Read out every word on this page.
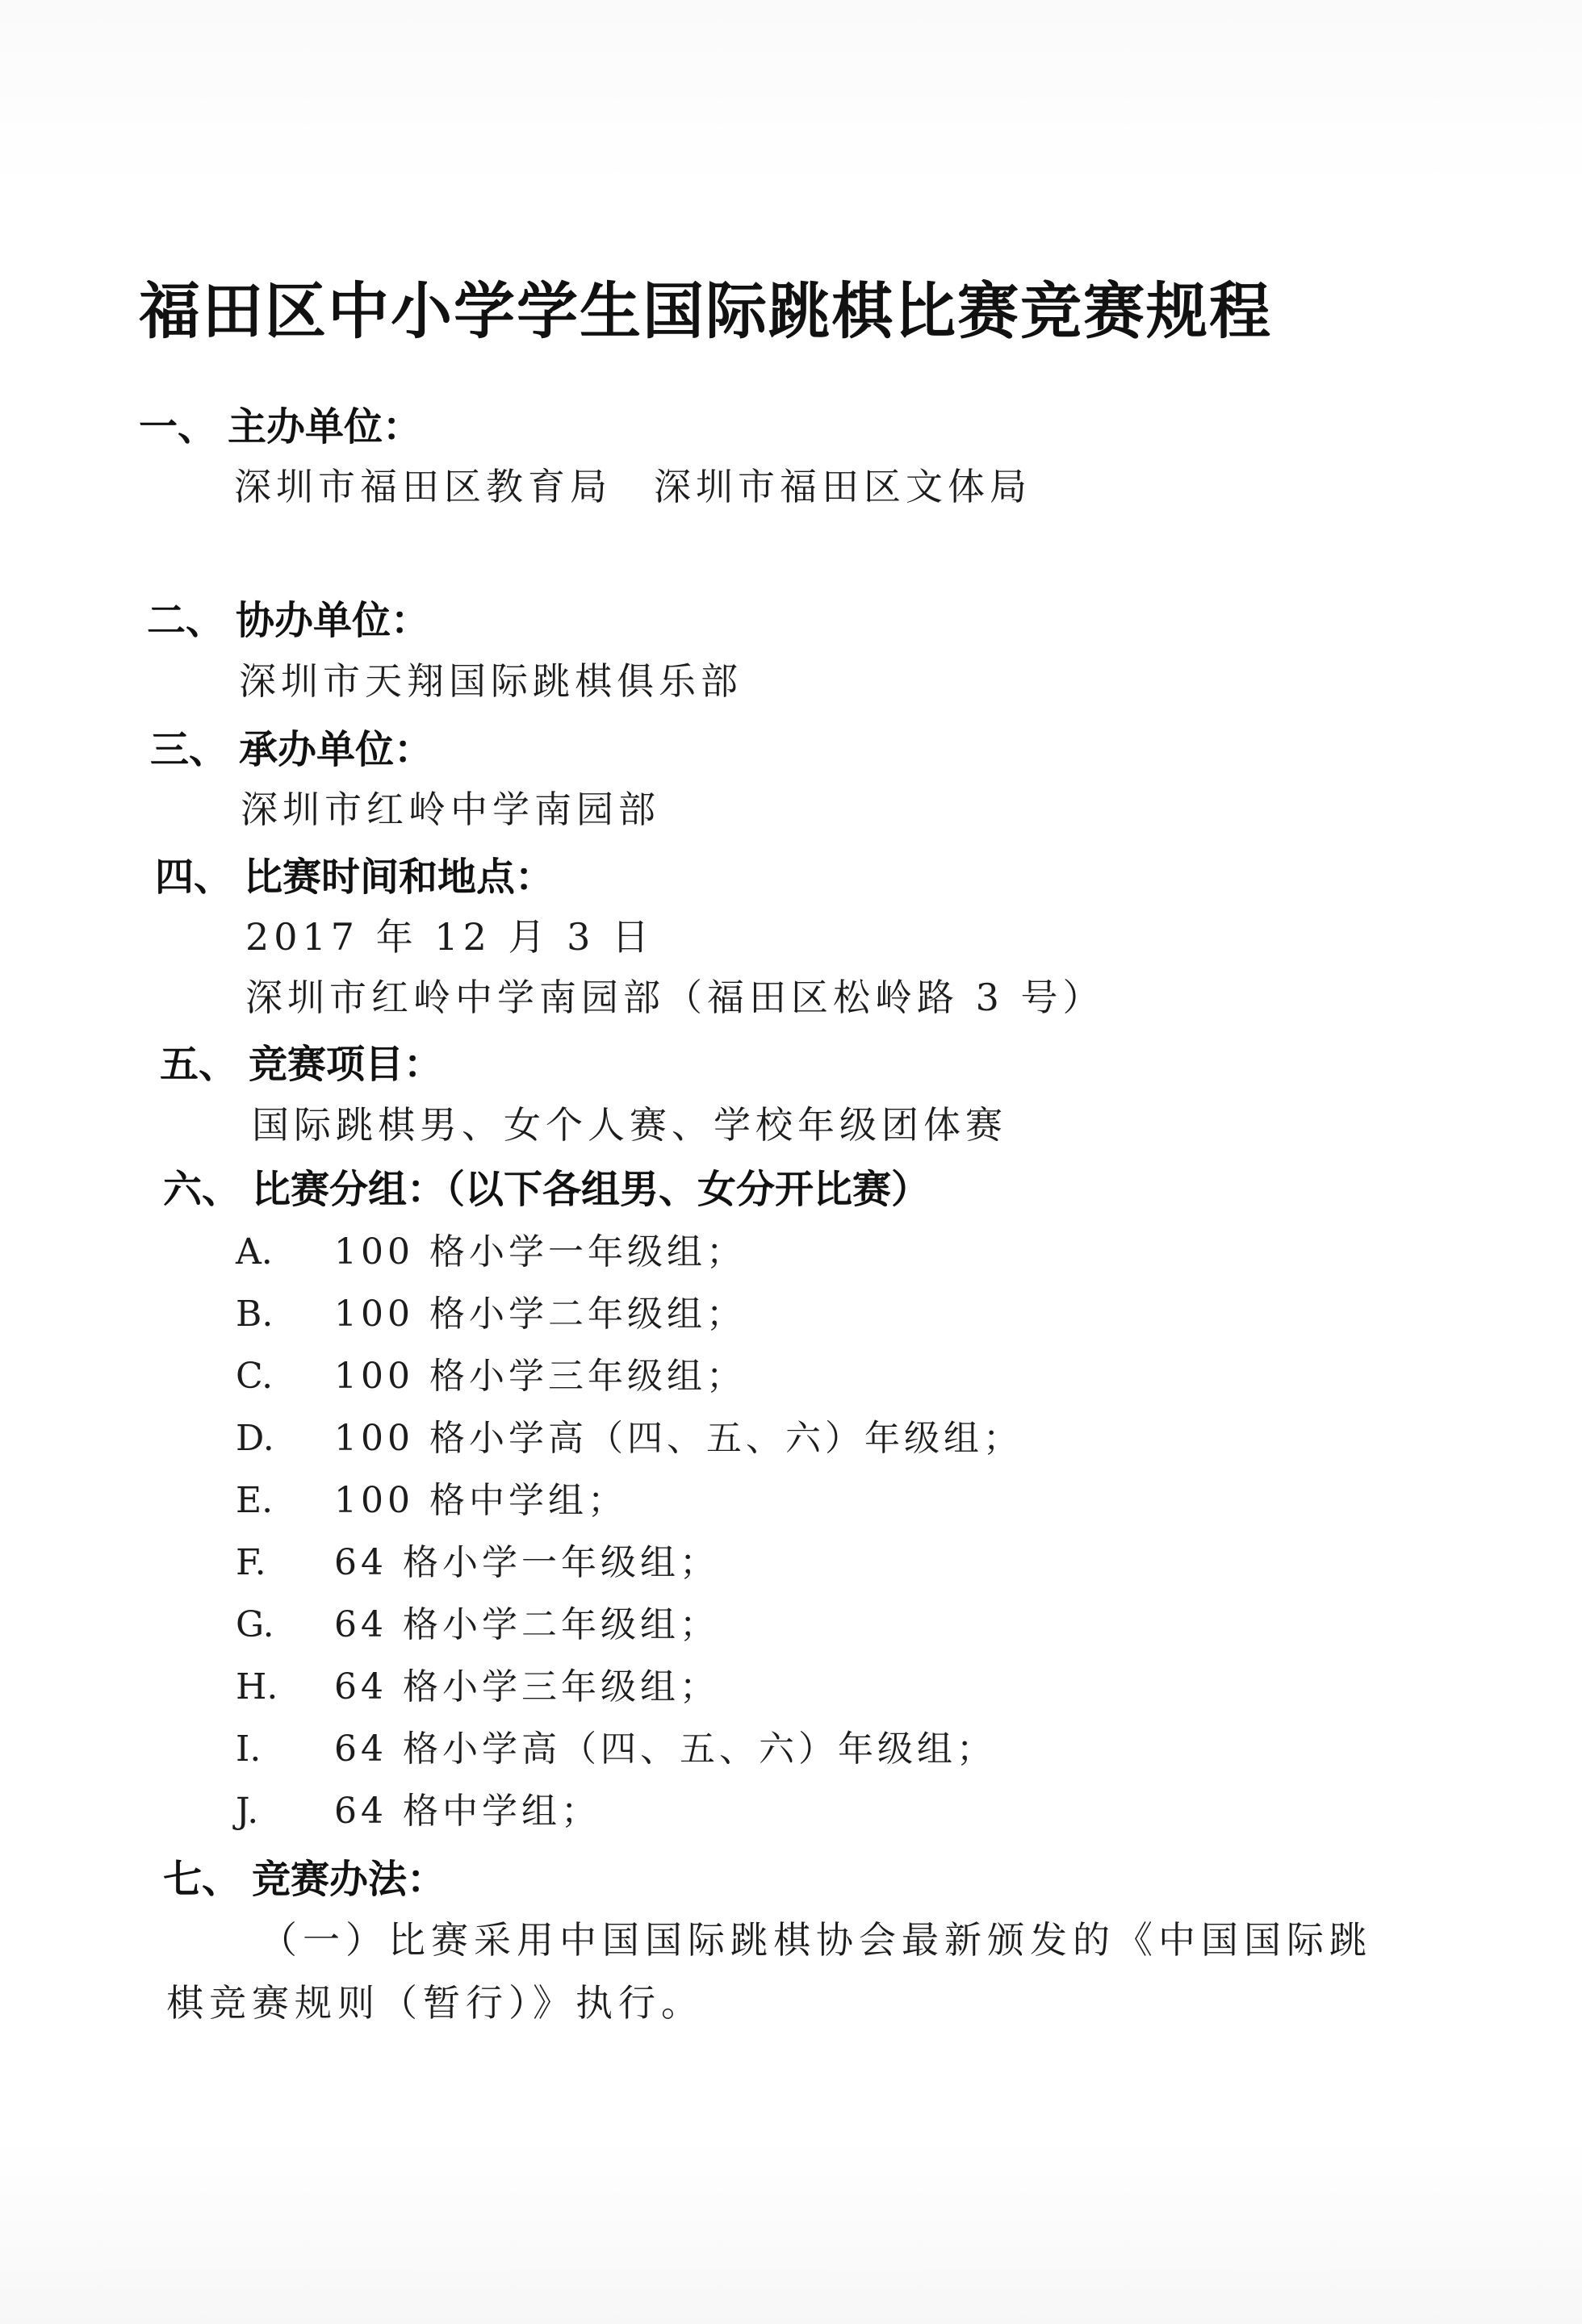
福田区中小学学生国际跳棋比赛竞赛规程
一、 主办单位：
深圳市福田区教育局　深圳市福田区文体局
二、 协办单位：
深圳市天翔国际跳棋俱乐部
三、 承办单位：
深圳市红岭中学南园部
四、 比赛时间和地点：
2017 年 12 月 3 日
深圳市红岭中学南园部（福田区松岭路 3 号）
五、 竞赛项目：
国际跳棋男、女个人赛、学校年级团体赛
六、 比赛分组：（以下各组男、女分开比赛）
A. 100 格小学一年级组；
B. 100 格小学二年级组；
C. 100 格小学三年级组；
D. 100 格小学高（四、五、六）年级组；
E. 100 格中学组；
F. 64 格小学一年级组；
G. 64 格小学二年级组；
H. 64 格小学三年级组；
I. 64 格小学高（四、五、六）年级组；
J. 64 格中学组；
七、 竞赛办法：
（一）比赛采用中国国际跳棋协会最新颁发的《中国国际跳
棋竞赛规则（暂行）》执行。
